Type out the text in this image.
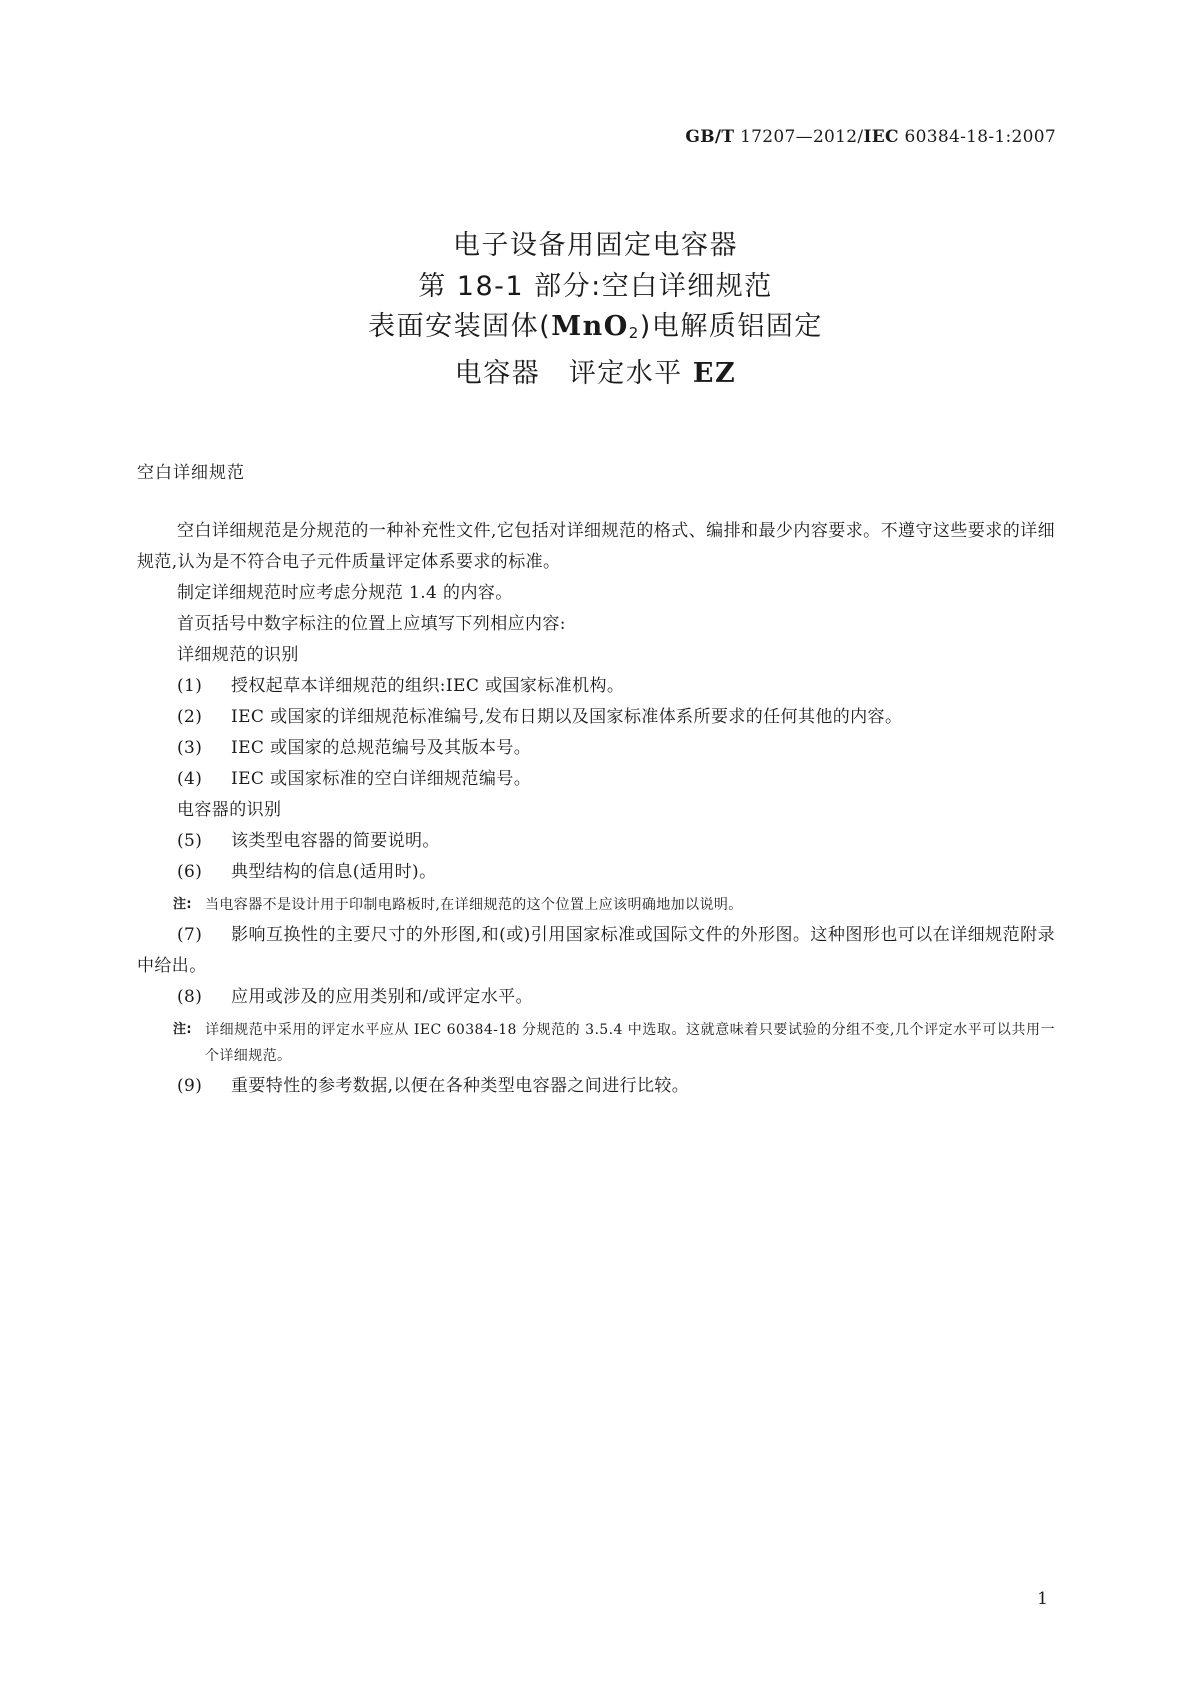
GB/T 17207—2012/IEC 60384-18-1:2007
电子设备用固定电容器
第 18-1 部分:空白详细规范
表面安装固体(MnO$_2$)电解质铝固定
电容器　评定水平 EZ
空白详细规范

空白详细规范是分规范的一种补充性文件,它包括对详细规范的格式、编排和最少内容要求。不遵守这些要求的详细规范,认为是不符合电子元件质量评定体系要求的标准。

制定详细规范时应考虑分规范 1.4 的内容。

首页括号中数字标注的位置上应填写下列相应内容:

详细规范的识别

(1)	授权起草本详细规范的组织:IEC 或国家标准机构。
(2)	IEC 或国家的详细规范标准编号,发布日期以及国家标准体系所要求的任何其他的内容。
(3)	IEC 或国家的总规范编号及其版本号。
(4)	IEC 或国家标准的空白详细规范编号。

电容器的识别

(5)	该类型电容器的简要说明。
(6)	典型结构的信息(适用时)。
注: 当电容器不是设计用于印制电路板时,在详细规范的这个位置上应该明确地加以说明。

(7) 影响互换性的主要尺寸的外形图,和(或)引用国家标准或国际文件的外形图。这种图形也可以在详细规范附录中给出。

(8)	应用或涉及的应用类别和/或评定水平。
注: 详细规范中采用的评定水平应从 IEC 60384-18 分规范的 3.5.4 中选取。这就意味着只要试验的分组不变,几个评定水平可以共用一个详细规范。
(9)	重要特性的参考数据,以便在各种类型电容器之间进行比较。
1
